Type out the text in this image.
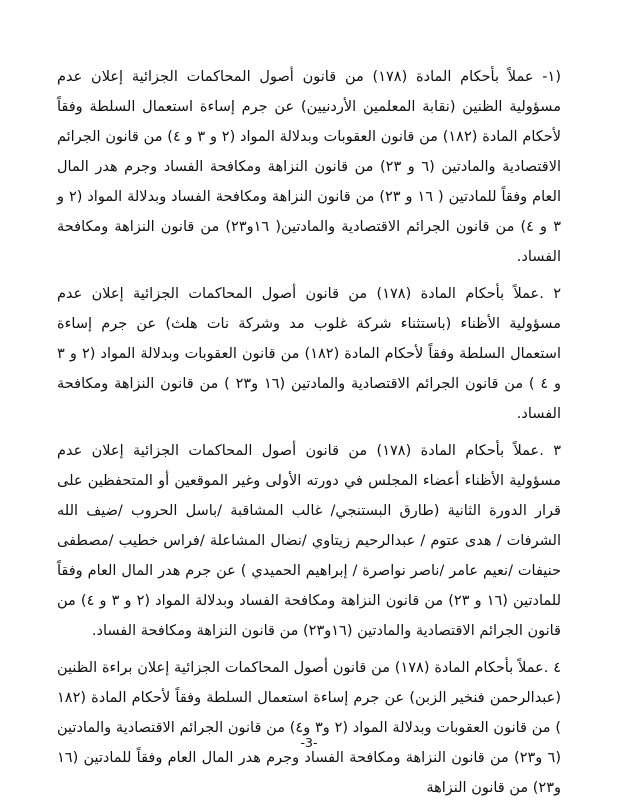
(١- عملاً بأحكام المادة (١٧٨) من قانون أصول المحاكمات الجزائية إعلان عدم مسؤولية الظنين (نقابة المعلمين الأردنيين) عن جرم إساءة استعمال السلطة وفقاً لأحكام المادة (١٨٢) من قانون العقوبات وبدلالة المواد (٢ و ٣ و ٤) من قانون الجرائم الاقتصادية والمادتين (٦ و ٢٣) من قانون النزاهة ومكافحة الفساد وجرم هدر المال العام وفقاً للمادتين ( ١٦ و ٢٣) من قانون النزاهة ومكافحة الفساد وبدلالة المواد (٢ و ٣ و ٤) من قانون الجرائم الاقتصادية والمادتين( ١٦و٢٣) من قانون النزاهة ومكافحة الفساد.

٢ .عملاً بأحكام المادة (١٧٨) من قانون أصول المحاكمات الجزائية إعلان عدم مسؤولية الأظناء (باستثناء شركة غلوب مد وشركة نات هلث) عن جرم إساءة استعمال السلطة وفقاً لأحكام المادة (١٨٢) من قانون العقوبات وبدلالة المواد (٢ و ٣ و ٤ ) من قانون الجرائم الاقتصادية والمادتين (١٦ و٢٣ ) من قانون النزاهة ومكافحة الفساد.

٣ .عملاً بأحكام المادة (١٧٨) من قانون أصول المحاكمات الجزائية إعلان عدم مسؤولية الأظناء أعضاء المجلس في دورته الأولى وغير الموقعين أو المتحفظين على قرار الدورة الثانية (طارق البستنجي/ غالب المشاقبة /باسل الحروب /ضيف الله الشرفات / هدى عتوم / عبدالرحيم زيتاوي /نضال المشاعلة /فراس خطيب /مصطفى حنيفات /نعيم عامر /ناصر نواصرة / إبراهيم الحميدي ) عن جرم هدر المال العام وفقاً للمادتين (١٦ و ٢٣) من قانون النزاهة ومكافحة الفساد وبدلالة المواد (٢ و ٣ و ٤) من قانون الجرائم الاقتصادية والمادتين (١٦و٢٣) من قانون النزاهة ومكافحة الفساد.

٤ .عملاً بأحكام المادة (١٧٨) من قانون أصول المحاكمات الجزائية إعلان براءة الظنين (عبدالرحمن فنخير الزبن) عن جرم إساءة استعمال السلطة وفقاً لأحكام المادة (١٨٢ ) من قانون العقوبات وبدلالة المواد (٢ و٣ و٤) من قانون الجرائم الاقتصادية والمادتين (٦ و٢٣) من قانون النزاهة ومكافحة الفساد وجرم هدر المال العام وفقاً للمادتين (١٦ و٢٣) من قانون النزاهة

-3-
